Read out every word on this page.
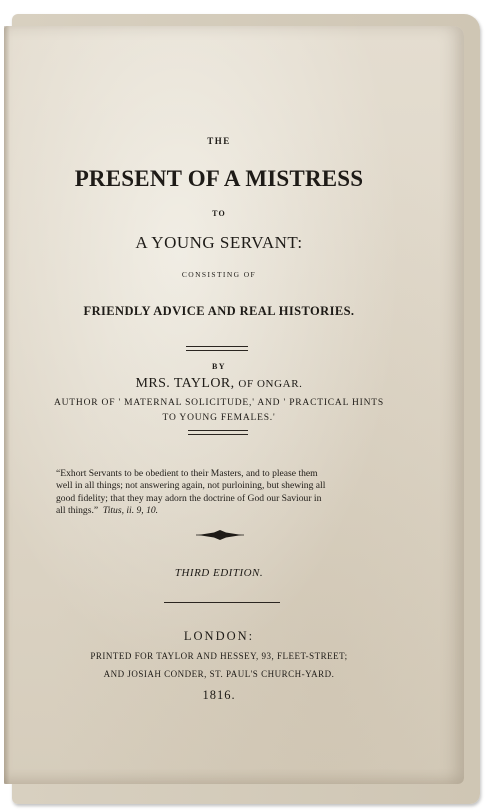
THE
PRESENT OF A MISTRESS
TO
A YOUNG SERVANT:
CONSISTING OF
FRIENDLY ADVICE AND REAL HISTORIES.
BY
MRS. TAYLOR, OF ONGAR.
AUTHOR OF ' MATERNAL SOLICITUDE,' AND ' PRACTICAL HINTS
TO YOUNG FEMALES.'
“Exhort Servants to be obedient to their Masters, and to please them
well in all things; not answering again, not purloining, but shewing all
good fidelity; that they may adorn the doctrine of God our Saviour in
all things.” Titus, ii. 9, 10.
THIRD EDITION.
LONDON:
PRINTED FOR TAYLOR AND HESSEY, 93, FLEET-STREET;
AND JOSIAH CONDER, ST. PAUL'S CHURCH-YARD.
1816.
